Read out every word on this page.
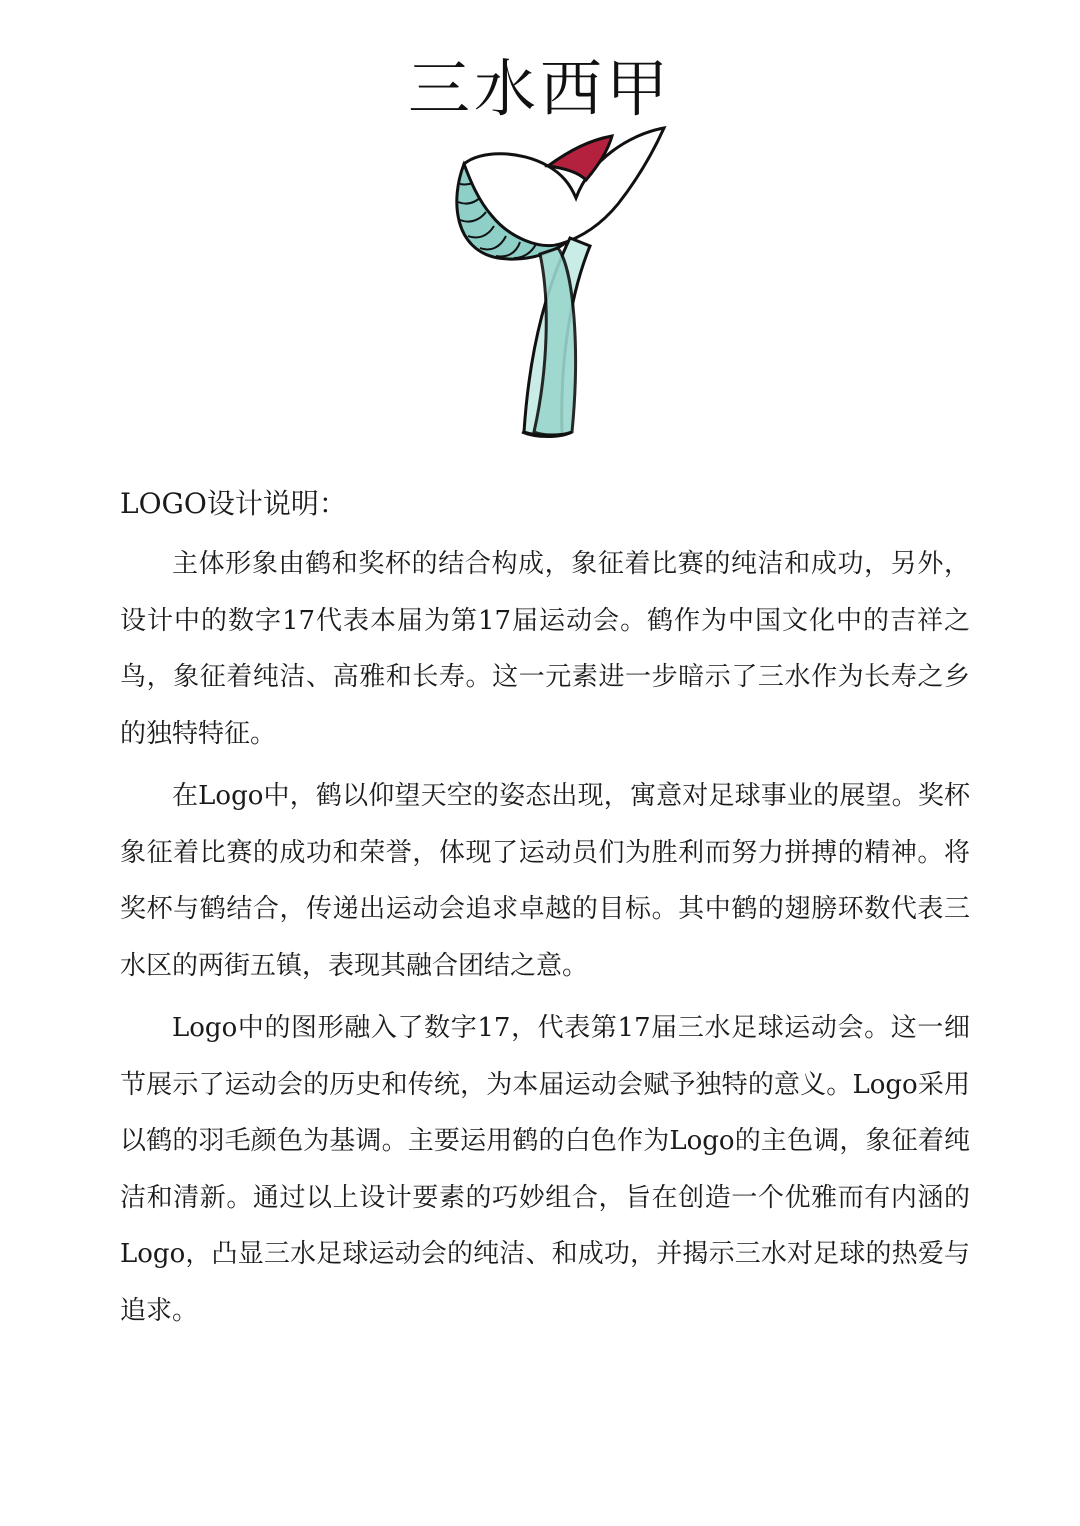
三水西甲
LOGO设计说明：

主体形象由鹤和奖杯的结合构成，象征着比赛的纯洁和成功，另外，设计中的数字17代表本届为第17届运动会。鹤作为中国文化中的吉祥之鸟，象征着纯洁、高雅和长寿。这一元素进一步暗示了三水作为长寿之乡的独特特征。

在Logo中，鹤以仰望天空的姿态出现，寓意对足球事业的展望。奖杯象征着比赛的成功和荣誉，体现了运动员们为胜利而努力拼搏的精神。将奖杯与鹤结合，传递出运动会追求卓越的目标。其中鹤的翅膀环数代表三水区的两街五镇，表现其融合团结之意。

Logo中的图形融入了数字17，代表第17届三水足球运动会。这一细节展示了运动会的历史和传统，为本届运动会赋予独特的意义。Logo采用以鹤的羽毛颜色为基调。主要运用鹤的白色作为Logo的主色调，象征着纯洁和清新。通过以上设计要素的巧妙组合，旨在创造一个优雅而有内涵的Logo，凸显三水足球运动会的纯洁、和成功，并揭示三水对足球的热爱与追求。
